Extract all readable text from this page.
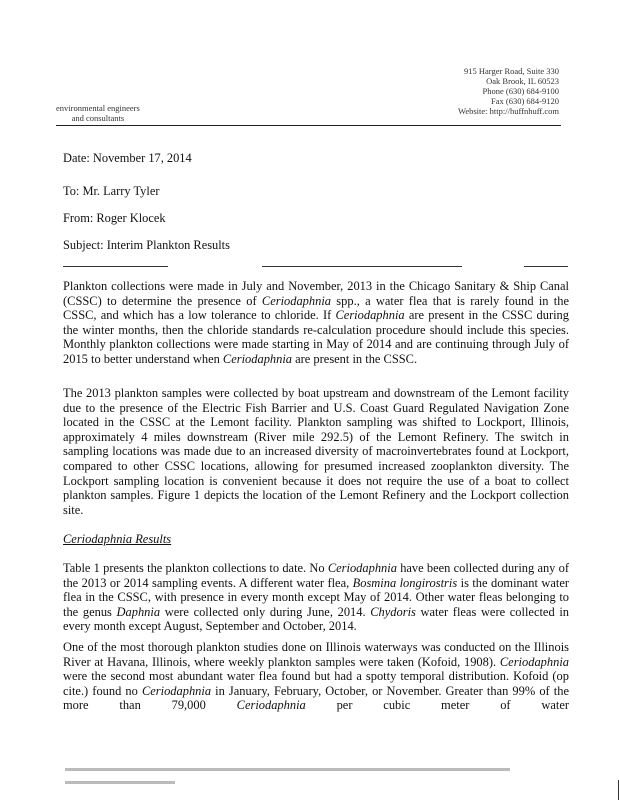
915 Harger Road, Suite 330
Oak Brook, IL 60523
Phone (630) 684-9100
Fax (630) 684-9120
Website: http://huffnhuff.com
environmental engineers
and consultants
Date: November 17, 2014
To: Mr. Larry Tyler
From: Roger Klocek
Subject: Interim Plankton Results

Plankton collections were made in July and November, 2013 in the Chicago Sanitary & Ship Canal (CSSC) to determine the presence of Ceriodaphnia spp., a water flea that is rarely found in the CSSC, and which has a low tolerance to chloride. If Ceriodaphnia are present in the CSSC during the winter months, then the chloride standards re-calculation procedure should include this species. Monthly plankton collections were made starting in May of 2014 and are continuing through July of 2015 to better understand when Ceriodaphnia are present in the CSSC.

The 2013 plankton samples were collected by boat upstream and downstream of the Lemont facility due to the presence of the Electric Fish Barrier and U.S. Coast Guard Regulated Navigation Zone located in the CSSC at the Lemont facility. Plankton sampling was shifted to Lockport, Illinois, approximately 4 miles downstream (River mile 292.5) of the Lemont Refinery. The switch in sampling locations was made due to an increased diversity of macroinvertebrates found at Lockport, compared to other CSSC locations, allowing for presumed increased zooplankton diversity. The Lockport sampling location is convenient because it does not require the use of a boat to collect plankton samples. Figure 1 depicts the location of the Lemont Refinery and the Lockport collection site.

Ceriodaphnia Results

Table 1 presents the plankton collections to date. No Ceriodaphnia have been collected during any of the 2013 or 2014 sampling events. A different water flea, Bosmina longirostris is the dominant water flea in the CSSC, with presence in every month except May of 2014. Other water fleas belonging to the genus Daphnia were collected only during June, 2014. Chydoris water fleas were collected in every month except August, September and October, 2014.

One of the most thorough plankton studies done on Illinois waterways was conducted on the Illinois River at Havana, Illinois, where weekly plankton samples were taken (Kofoid, 1908). Ceriodaphnia were the second most abundant water flea found but had a spotty temporal distribution. Kofoid (op cite.) found no Ceriodaphnia in January, February, October, or November. Greater than 99% of the more than 79,000 Ceriodaphnia per cubic meter of water
